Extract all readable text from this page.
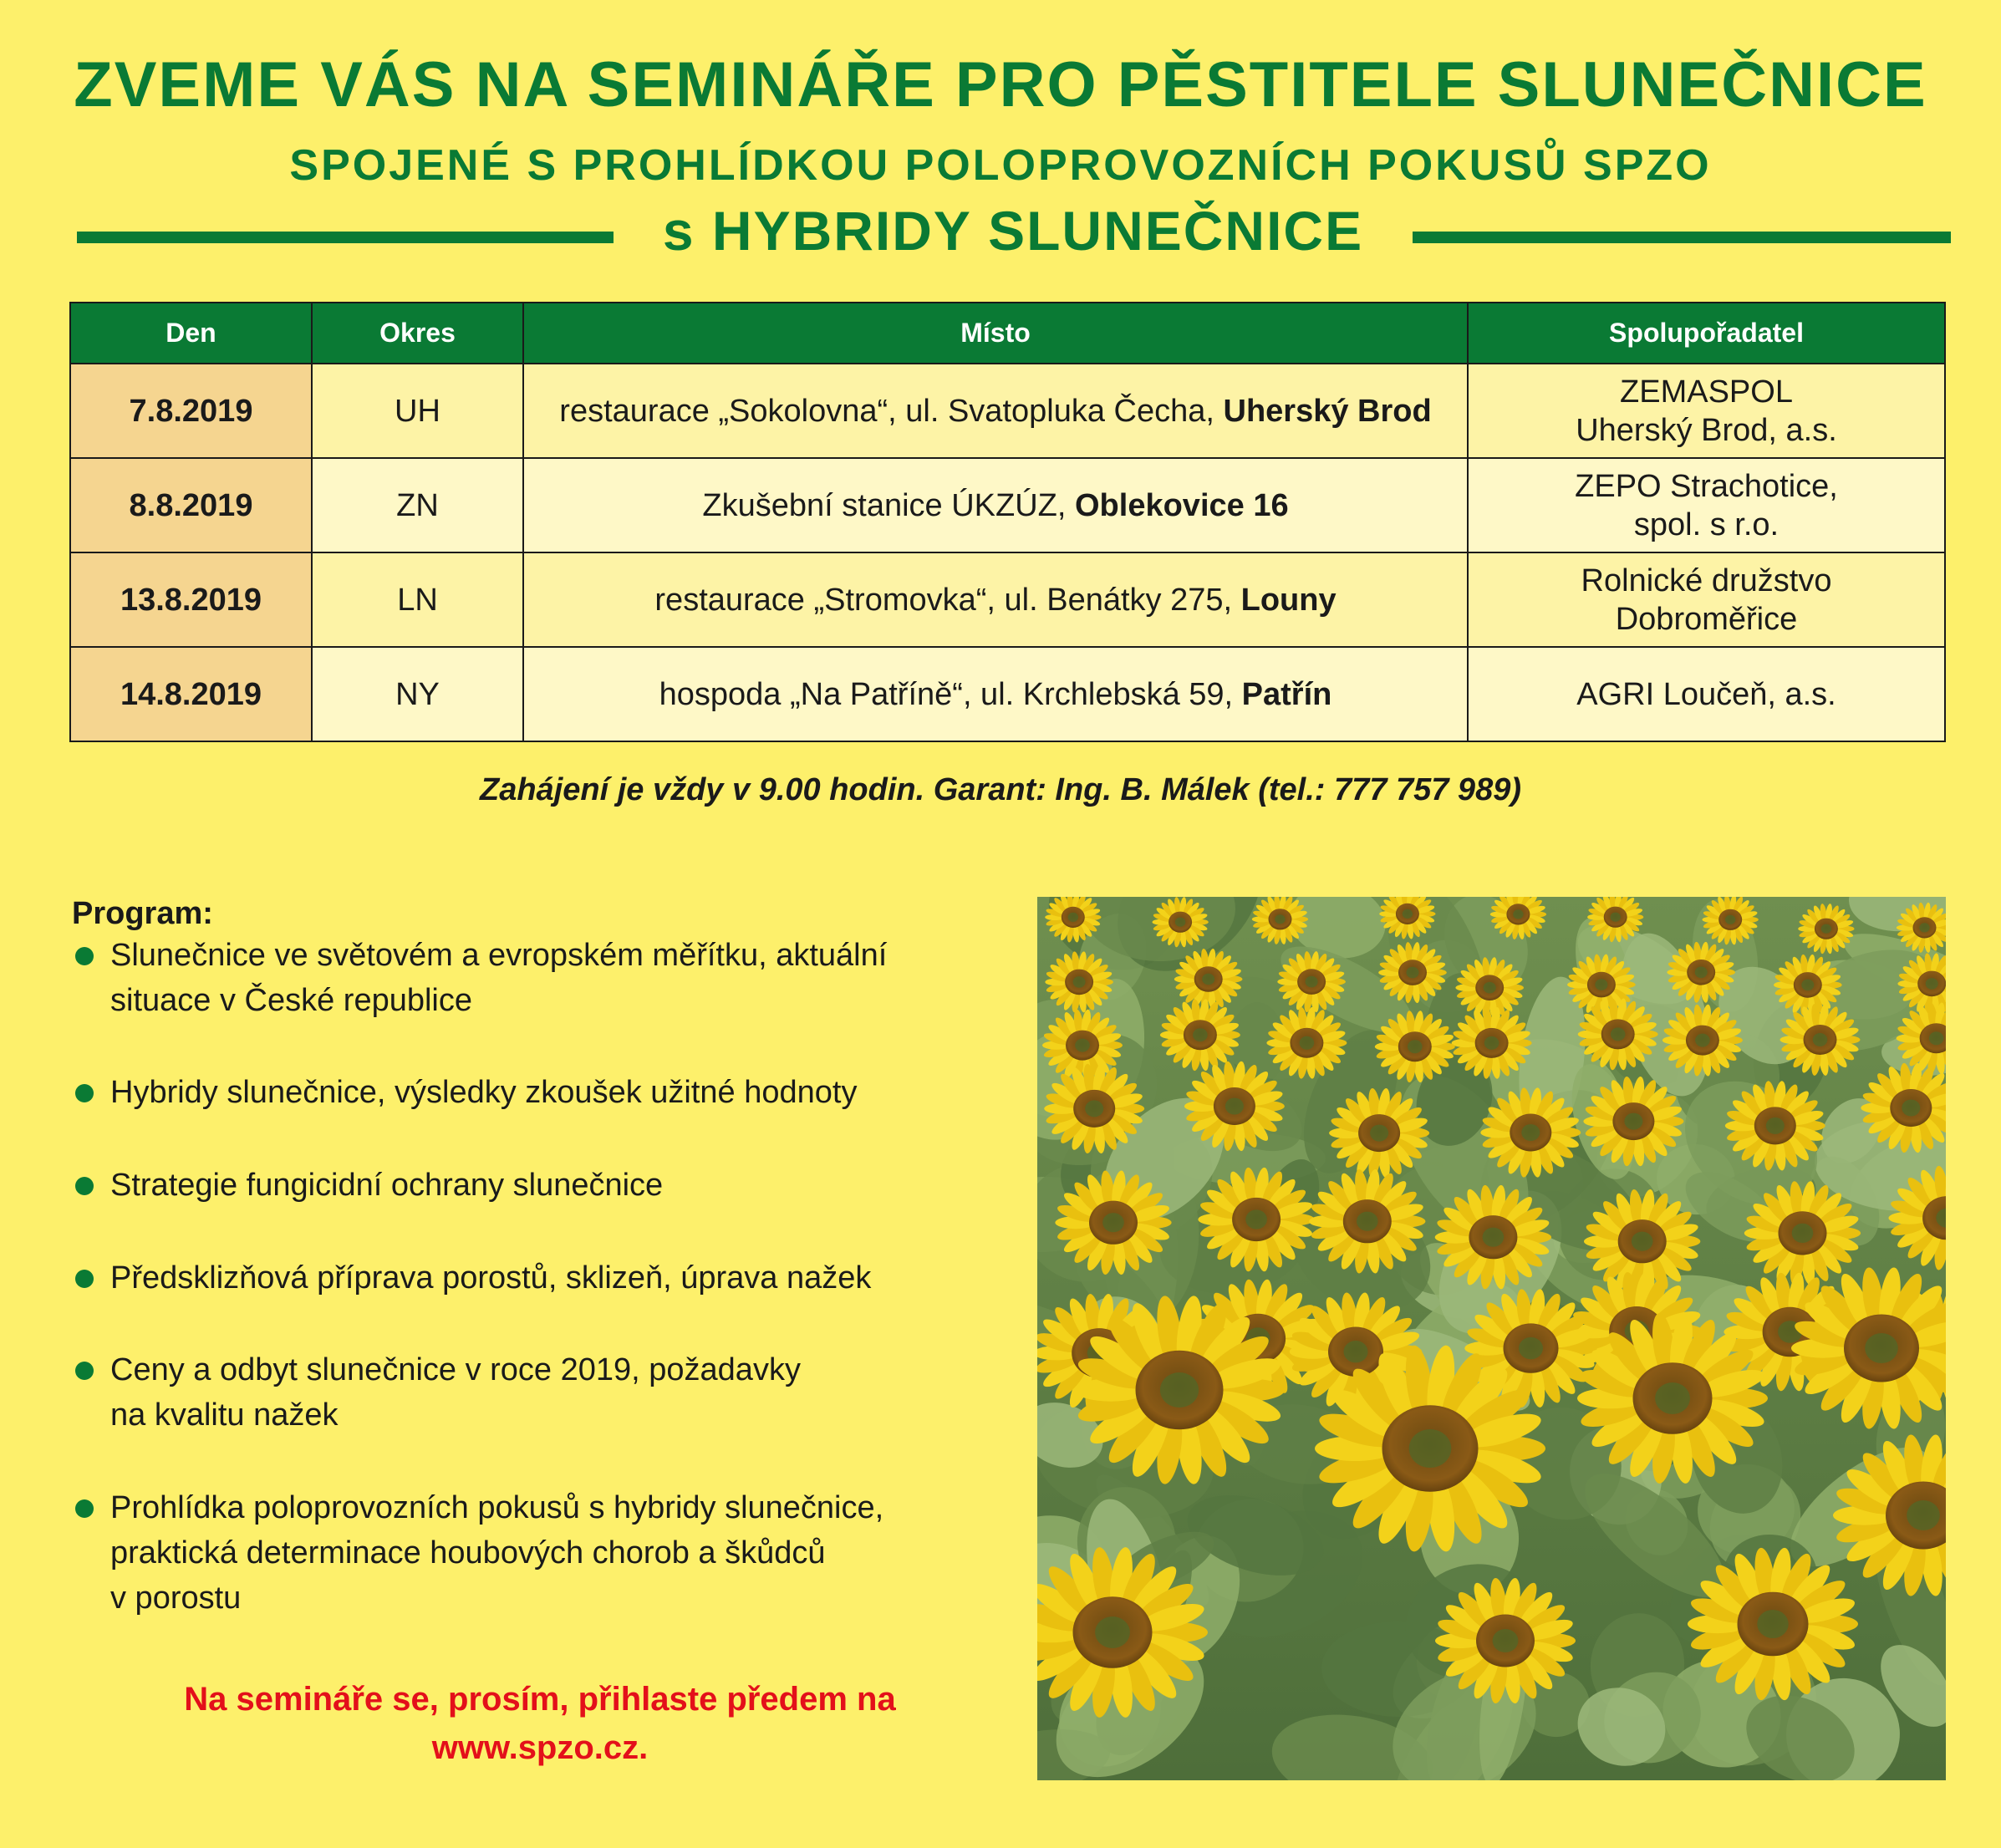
ZVEME VÁS NA SEMINÁŘE PRO PĚSTITELE SLUNEČNICE
SPOJENÉ S PROHLÍDKOU POLOPROVOZNÍCH POKUSŮ SPZO
s HYBRIDY SLUNEČNICE
Den	Okres	Místo	Spolupořadatel
7.8.2019	UH	restaurace „Sokolovna“, ul. Svatopluka Čecha, Uherský Brod	ZEMASPOL
Uherský Brod, a.s.

8.8.2019	ZN	Zkušební stanice ÚKZÚZ, Oblekovice 16	ZEPO Strachotice,
spol. s r.o.

13.8.2019	LN	restaurace „Stromovka“, ul. Benátky 275, Louny	Rolnické družstvo
Dobroměřice

14.8.2019	NY	hospoda „Na Patříně“, ul. Krchlebská 59, Patřín	AGRI Loučeň, a.s.
Zahájení je vždy v 9.00 hodin. Garant: Ing. B. Málek (tel.: 777 757 989)
Program:
Slunečnice ve světovém a evropském měřítku, aktuální
situace v České republice
Hybridy slunečnice, výsledky zkoušek užitné hodnoty
Strategie fungicidní ochrany slunečnice
Předsklizňová příprava porostů, sklizeň, úprava nažek
Ceny a odbyt slunečnice v roce 2019, požadavky
na kvalitu nažek
Prohlídka poloprovozních pokusů s hybridy slunečnice,
praktická determinace houbových chorob a škůdců
v porostu
Na semináře se, prosím, přihlaste předem na
www.spzo.cz.
